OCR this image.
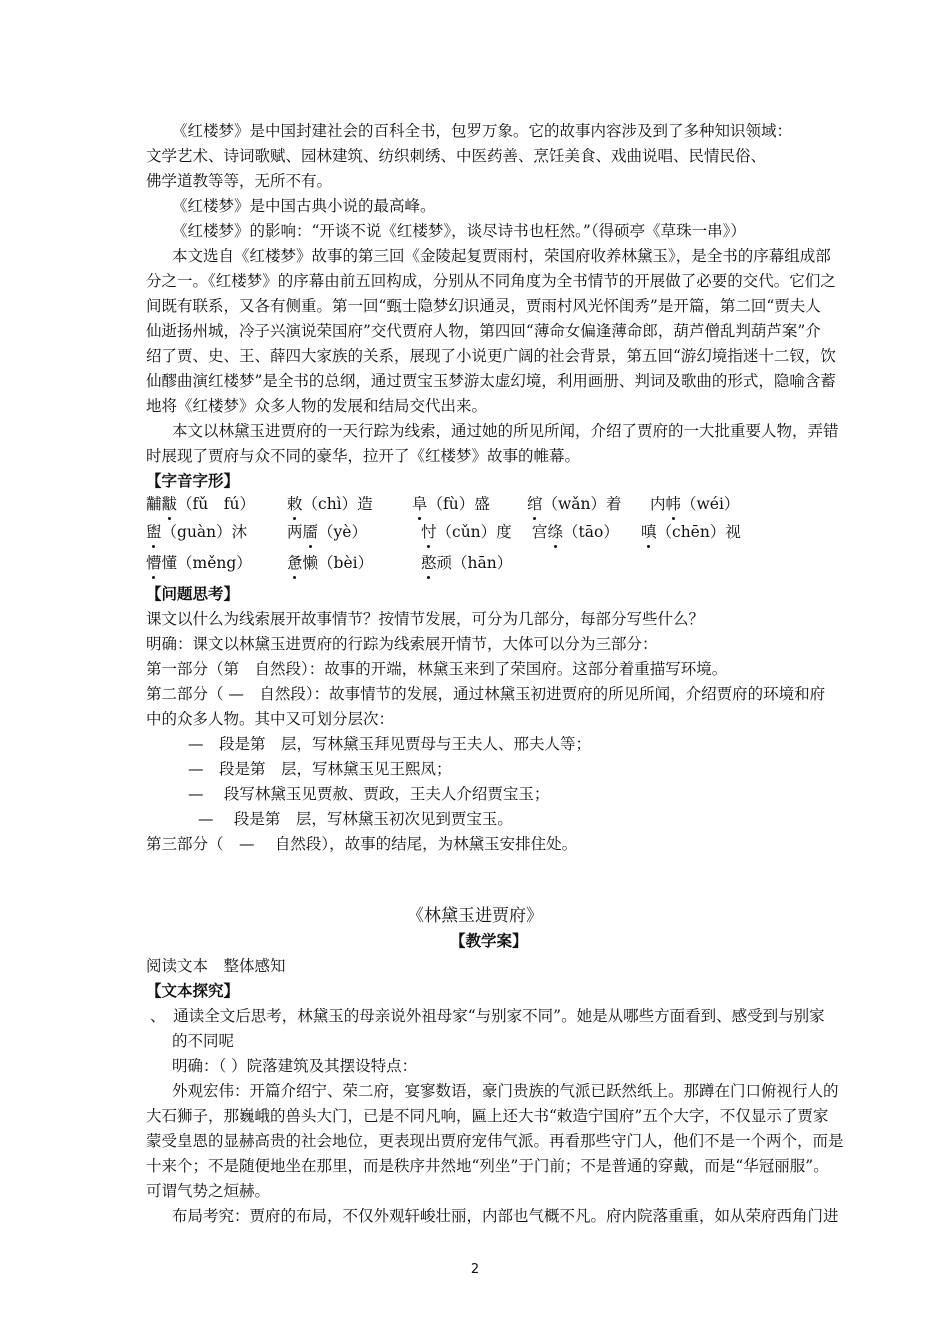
《红楼梦》是中国封建社会的百科全书，包罗万象。它的故事内容涉及到了多种知识领域：
文学艺术、诗词歌赋、园林建筑、纺织刺绣、中医药善、烹饪美食、戏曲说唱、民情民俗、
佛学道教等等，无所不有。
《红楼梦》是中国古典小说的最高峰。
《红楼梦》的影响：“开谈不说《红楼梦》，谈尽诗书也枉然。”（得硕亭《草珠一串》）
本文选自《红楼梦》故事的第三回《金陵起复贾雨村，荣国府收养林黛玉》，是全书的序幕组成部
分之一。《红楼梦》的序幕由前五回构成，分别从不同角度为全书情节的开展做了必要的交代。它们之
间既有联系，又各有侧重。第一回“甄士隐梦幻识通灵，贾雨村风光怀闺秀”是开篇，第二回“贾夫人
仙逝扬州城，冷子兴演说荣国府”交代贾府人物，第四回“薄命女偏逢薄命郎，葫芦僧乱判葫芦案”介
绍了贾、史、王、薛四大家族的关系，展现了小说更广阔的社会背景，第五回“游幻境指迷十二钗，饮
仙醪曲演红楼梦”是全书的总纲，通过贾宝玉梦游太虚幻境，利用画册、判词及歌曲的形式，隐喻含蓄
地将《红楼梦》众多人物的发展和结局交代出来。
本文以林黛玉进贾府的一天行踪为线索，通过她的所见所闻，介绍了贾府的一大批重要人物，弄错
时展现了贾府与众不同的豪华，拉开了《红楼梦》故事的帷幕。
【字音字形】
黼黻（fǔ　fú） 敕（chì）造	阜（fù）盛 绾（wǎn）着 内帏（wéi）
盥（guàn）沐	两靥（yè）	忖（cǔn）度 宫绦（tāo） 嗔（chēn）视
懵懂（měng） 惫懒（bèi）	憨顽（hān）
【问题思考】
课文以什么为线索展开故事情节？按情节发展，可分为几部分，每部分写些什么？
明确：课文以林黛玉进贾府的行踪为线索展开情节，大体可以分为三部分：
第一部分（第　自然段）：故事的开端，林黛玉来到了荣国府。这部分着重描写环境。
第二部分（ —　自然段）：故事情节的发展，通过林黛玉初进贾府的所见所闻，介绍贾府的环境和府
中的众多人物。其中又可划分层次：
—　段是第　层，写林黛玉拜见贾母与王夫人、邢夫人等；
—　段是第　层，写林黛玉见王熙凤；
—　 段写林黛玉见贾赦、贾政，王夫人介绍贾宝玉；
—　 段是第　层，写林黛玉初次见到贾宝玉。
第三部分（　—　 自然段），故事的结尾，为林黛玉安排住处。
《林黛玉进贾府》
【教学案】
阅读文本　整体感知
【文本探究】
、　通读全文后思考，林黛玉的母亲说外祖母家“与别家不同”。她是从哪些方面看到、感受到与别家
的不同呢
明确：（ ）院落建筑及其摆设特点：
外观宏伟：开篇介绍宁、荣二府，宴寥数语，豪门贵族的气派已跃然纸上。那蹲在门口俯视行人的
大石狮子，那巍峨的兽头大门，已是不同凡响，匾上还大书“敕造宁国府”五个大字，不仅显示了贾家
蒙受皇恩的显赫高贵的社会地位，更表现出贾府宠伟气派。再看那些守门人，他们不是一个两个，而是
十来个；不是随便地坐在那里，而是秩序井然地“列坐”于门前；不是普通的穿戴，而是“华冠丽服”。
可谓气势之烜赫。
布局考究：贾府的布局，不仅外观轩峻壮丽，内部也气概不凡。府内院落重重，如从荣府西角门进
2
